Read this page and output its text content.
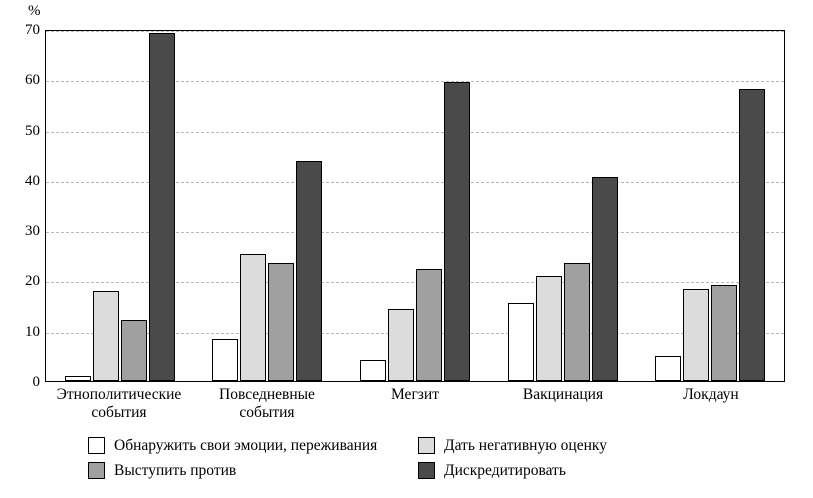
%
0
10
20
30
40
50
60
70
Этнополитические
события
Повседневные
события
Мегзит	Вакцинация	Локдаун
Обнаружить свои эмоции, переживания	Дать негативную оценку
Выступить против	Дискредитировать
